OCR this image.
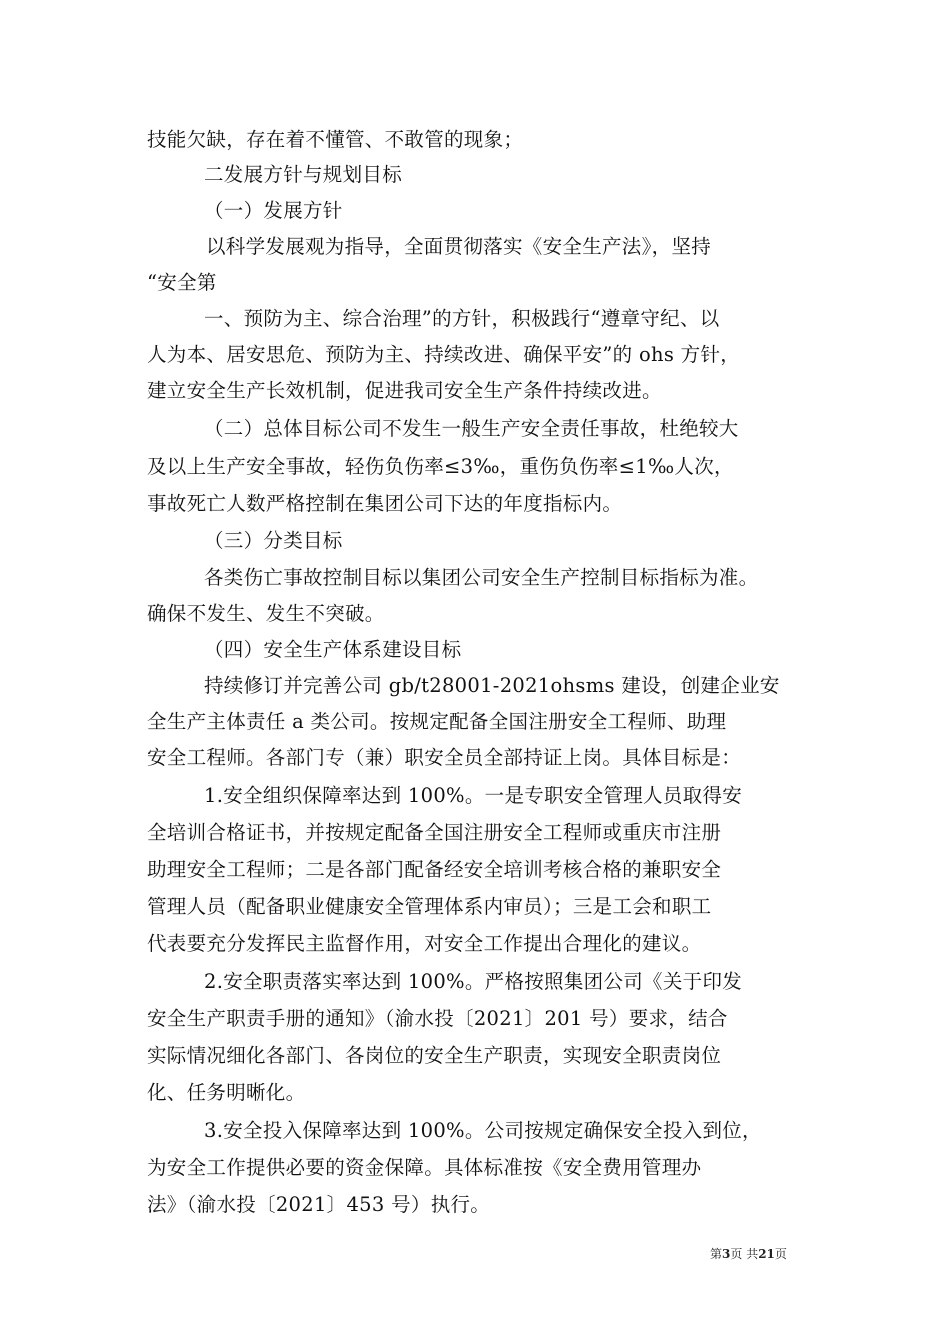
技能欠缺，存在着不懂管、不敢管的现象；
二发展方针与规划目标
（一）发展方针
以科学发展观为指导，全面贯彻落实《安全生产法》，坚持
“安全第
一、预防为主、综合治理”的方针，积极践行“遵章守纪、以
人为本、居安思危、预防为主、持续改进、确保平安”的 ohs 方针，
建立安全生产长效机制，促进我司安全生产条件持续改进。
（二）总体目标公司不发生一般生产安全责任事故，杜绝较大
及以上生产安全事故，轻伤负伤率≤3‰，重伤负伤率≤1‰人次，
事故死亡人数严格控制在集团公司下达的年度指标内。
（三）分类目标
各类伤亡事故控制目标以集团公司安全生产控制目标指标为准。
确保不发生、发生不突破。
（四）安全生产体系建设目标
持续修订并完善公司 gb/t28001-2021ohsms 建设，创建企业安
全生产主体责任 a 类公司。按规定配备全国注册安全工程师、助理
安全工程师。各部门专（兼）职安全员全部持证上岗。具体目标是：
1.安全组织保障率达到 100%。一是专职安全管理人员取得安
全培训合格证书，并按规定配备全国注册安全工程师或重庆市注册
助理安全工程师；二是各部门配备经安全培训考核合格的兼职安全
管理人员（配备职业健康安全管理体系内审员）；三是工会和职工
代表要充分发挥民主监督作用，对安全工作提出合理化的建议。
2.安全职责落实率达到 100%。严格按照集团公司《关于印发
安全生产职责手册的通知》（渝水投〔2021〕201 号）要求，结合
实际情况细化各部门、各岗位的安全生产职责，实现安全职责岗位
化、任务明晰化。
3.安全投入保障率达到 100%。公司按规定确保安全投入到位，
为安全工作提供必要的资金保障。具体标准按《安全费用管理办
法》（渝水投〔2021〕453 号）执行。
第3页 共21页
